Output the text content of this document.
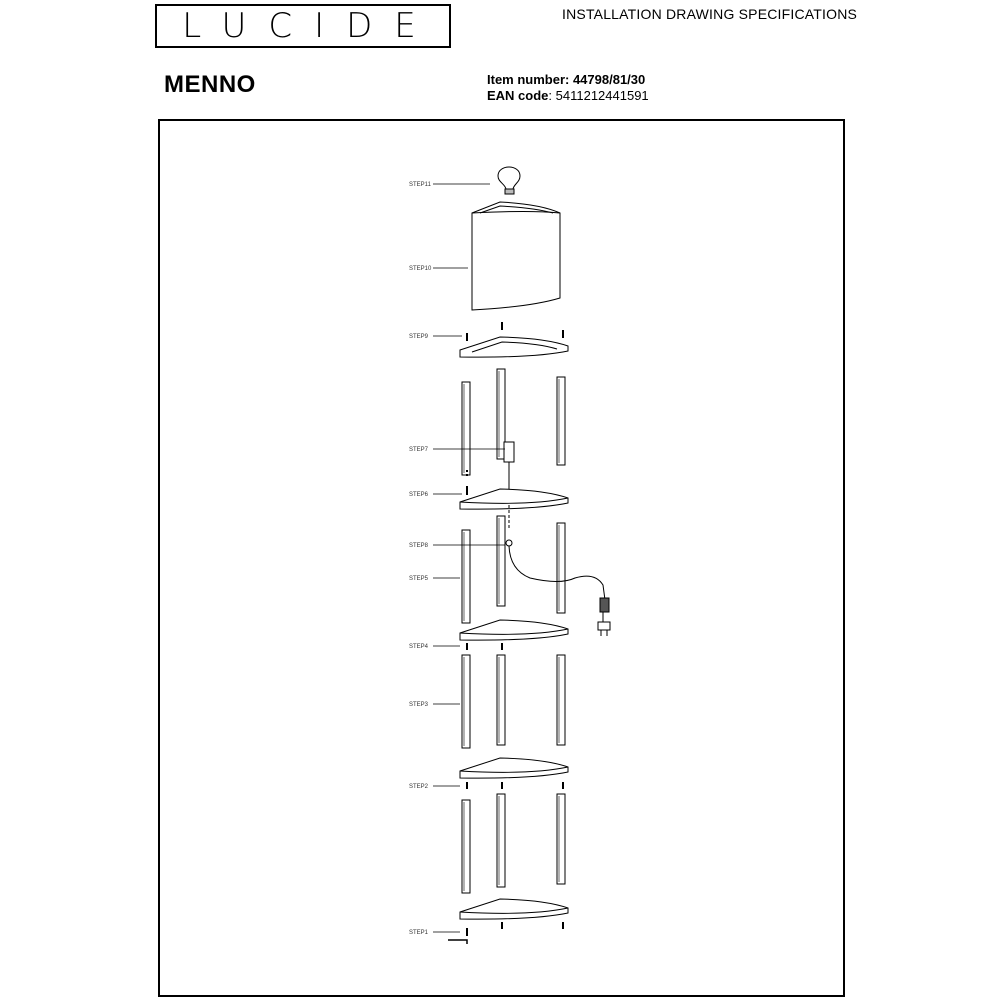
LUCIDE	INSTALLATION DRAWING SPECIFICATIONS
MENNO	Item number: 44798/81/30
EAN code: 5411212441591
STEP11
STEP10
STEP9
STEP7
STEP6
STEP8
STEP5
STEP4
STEP3
STEP2
STEP1
